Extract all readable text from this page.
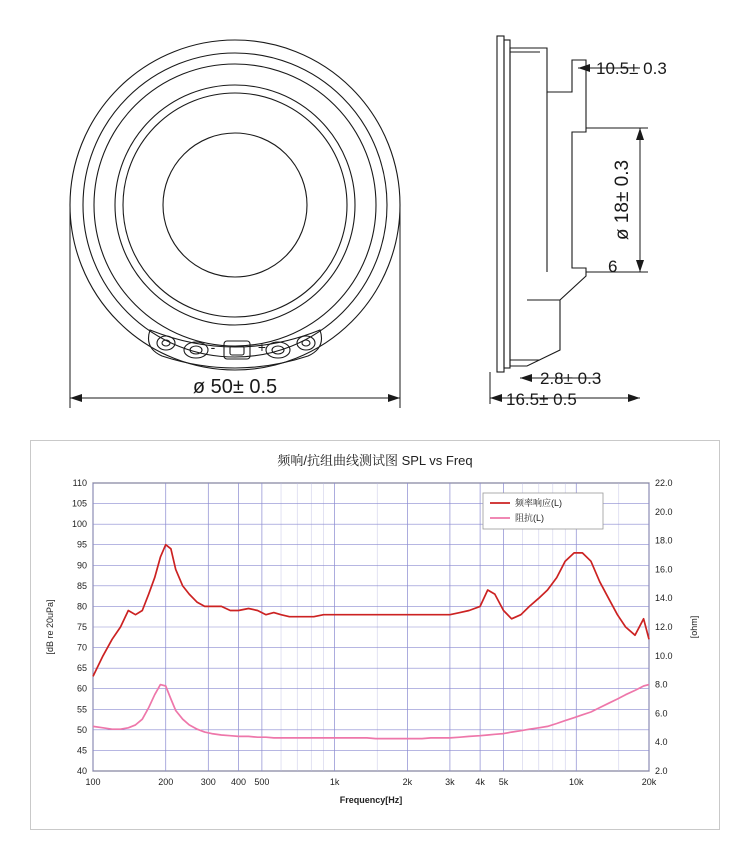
-	+
ø 50± 0.5
10.5± 0.3
ø 18± 0.3
6
2.8± 0.3
16.5± 0.5
频响/抗组曲线测试图 SPL vs Freq
100	200	300 400 500	1k	2k	3k 4k 5k	10k	20k
40
45
50
55
60
65
70
75
80
85
90
95
100
105
110
2.0
4.0
6.0
8.0
10.0
12.0
14.0
16.0
18.0
20.0
22.0
Frequency[Hz]
[dB re 20uPa]	[ohm]
频率响应(L)
阻抗(L)
